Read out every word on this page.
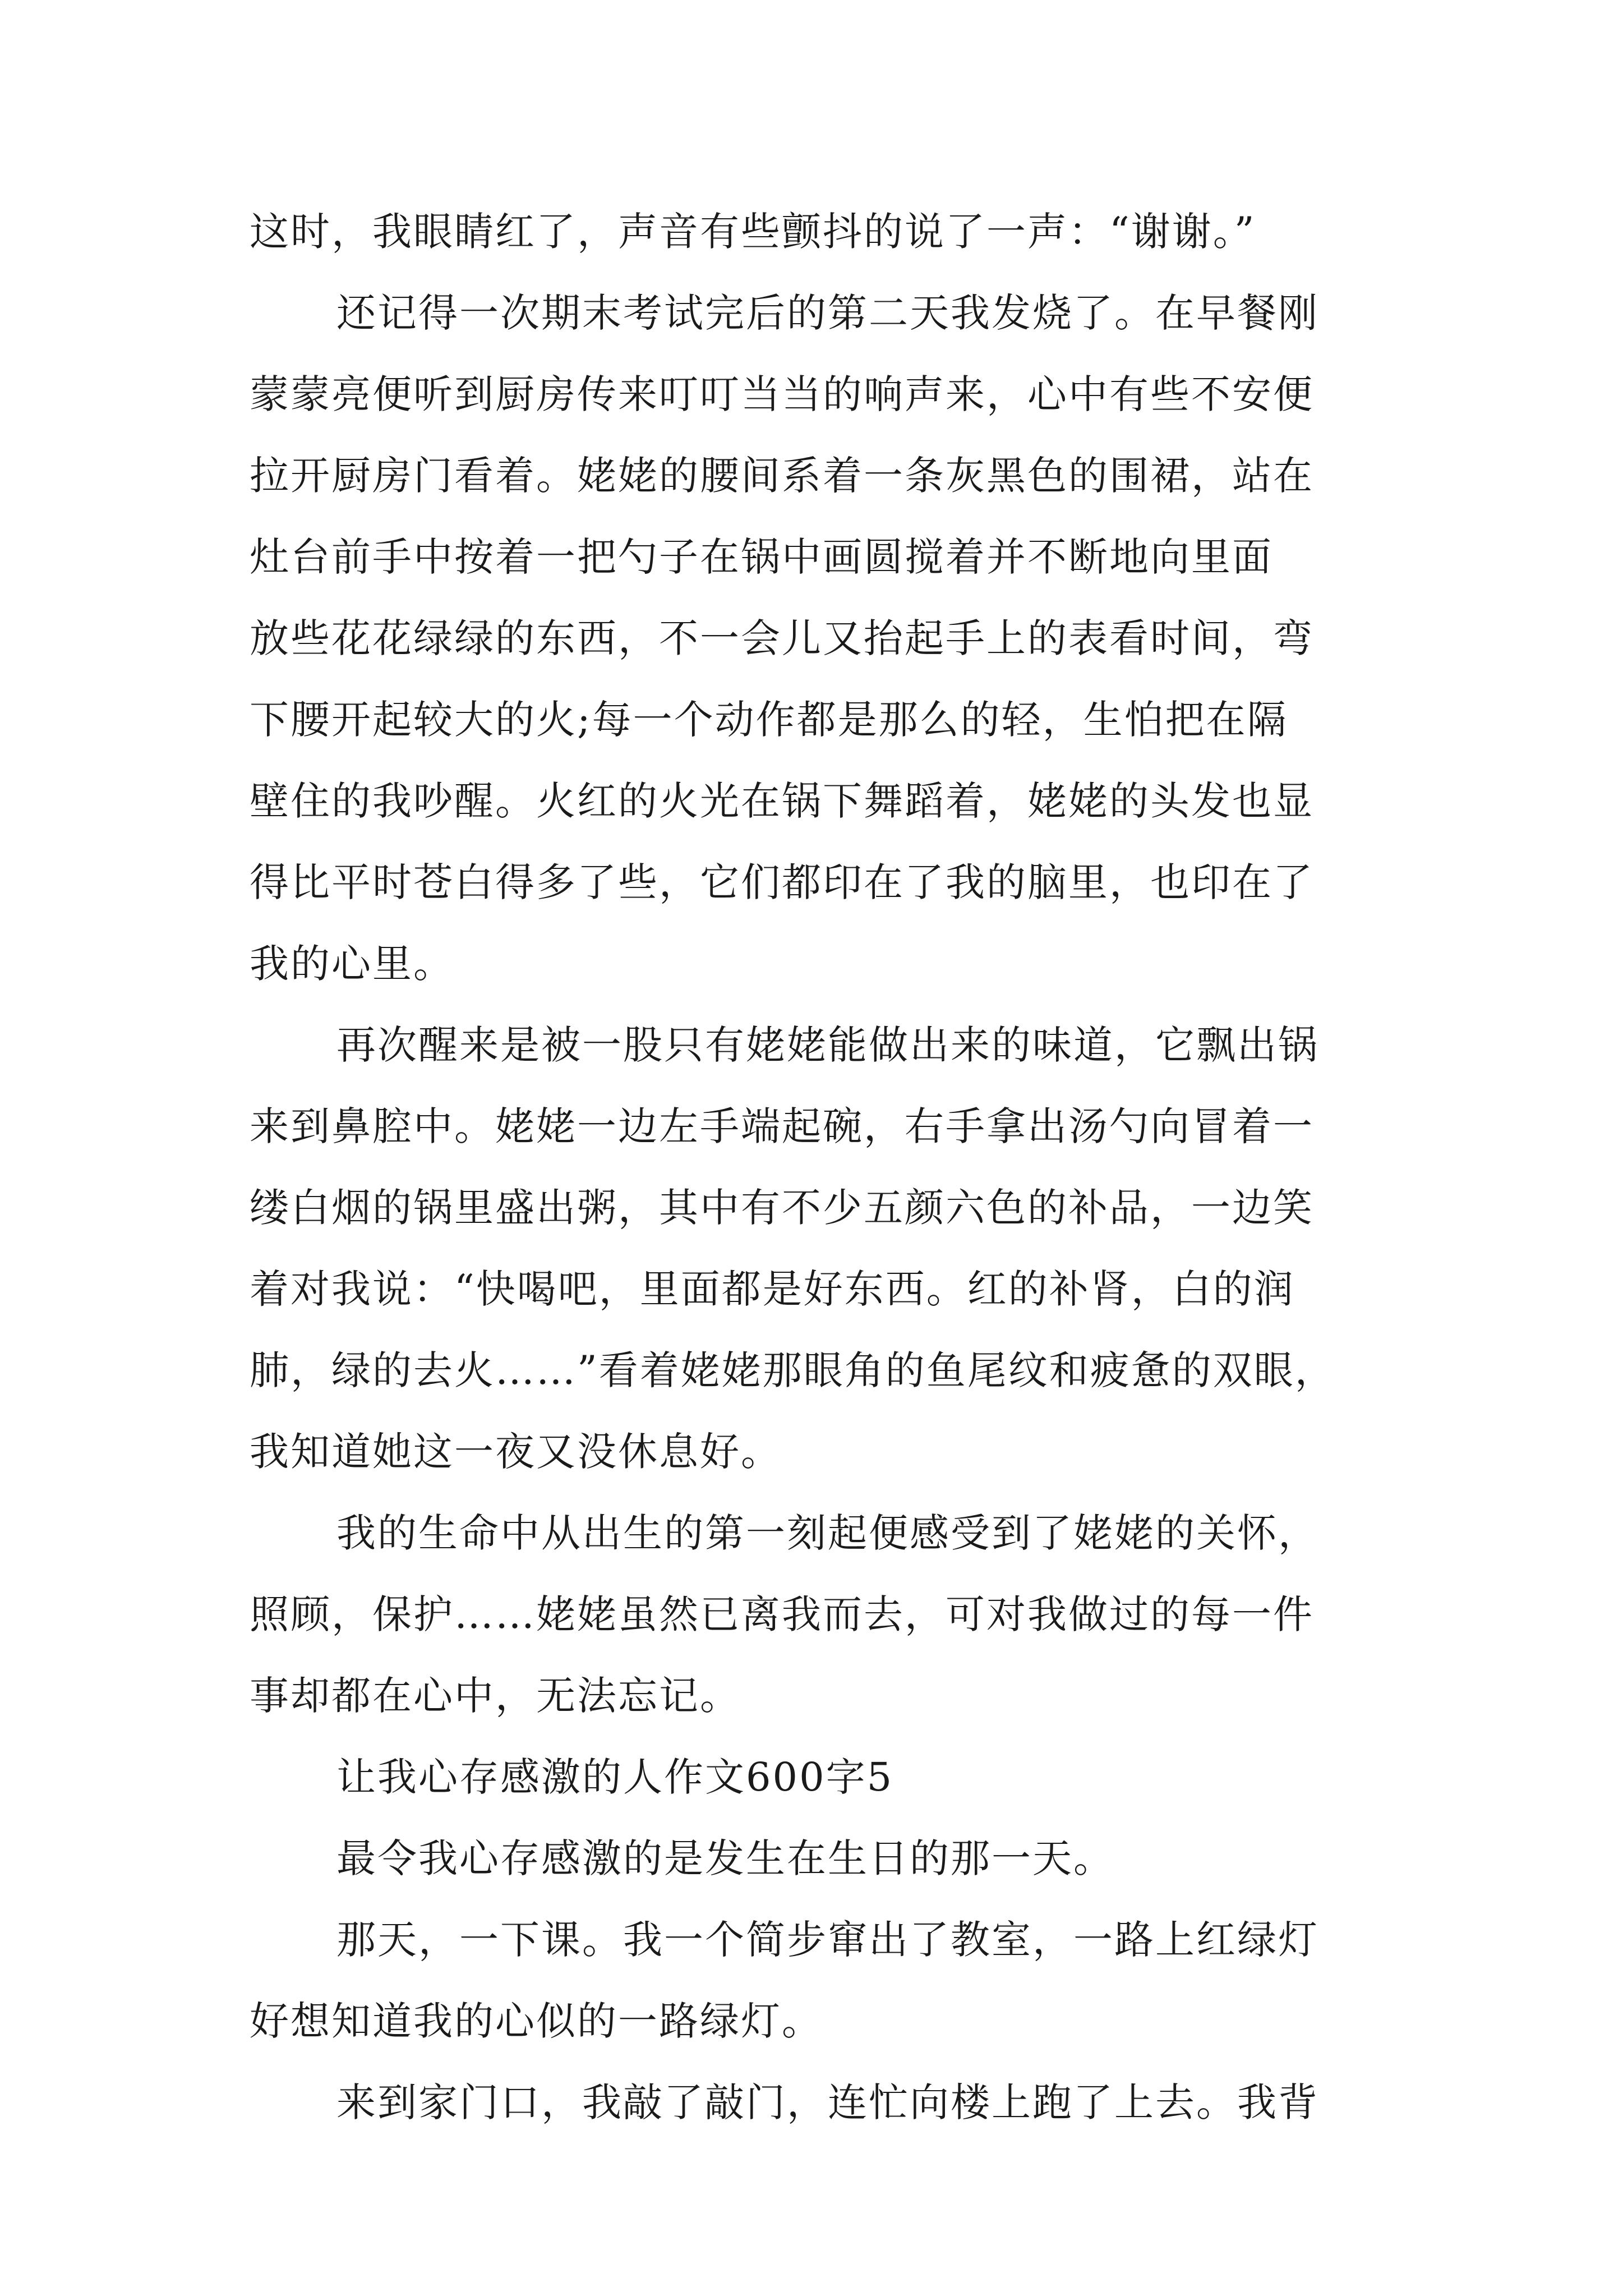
这时，我眼睛红了，声音有些颤抖的说了一声：“谢谢。”
还记得一次期末考试完后的第二天我发烧了。在早餐刚
蒙蒙亮便听到厨房传来叮叮当当的响声来，心中有些不安便
拉开厨房门看着。姥姥的腰间系着一条灰黑色的围裙，站在
灶台前手中按着一把勺子在锅中画圆搅着并不断地向里面
放些花花绿绿的东西，不一会儿又抬起手上的表看时间，弯
下腰开起较大的火;每一个动作都是那么的轻，生怕把在隔
壁住的我吵醒。火红的火光在锅下舞蹈着，姥姥的头发也显
得比平时苍白得多了些，它们都印在了我的脑里，也印在了
我的心里。
再次醒来是被一股只有姥姥能做出来的味道，它飘出锅
来到鼻腔中。姥姥一边左手端起碗，右手拿出汤勺向冒着一
缕白烟的锅里盛出粥，其中有不少五颜六色的补品，一边笑
着对我说：“快喝吧，里面都是好东西。红的补肾，白的润
肺，绿的去火……”看着姥姥那眼角的鱼尾纹和疲惫的双眼，
我知道她这一夜又没休息好。
我的生命中从出生的第一刻起便感受到了姥姥的关怀，
照顾，保护……姥姥虽然已离我而去，可对我做过的每一件
事却都在心中，无法忘记。
让我心存感激的人作文600字5
最令我心存感激的是发生在生日的那一天。
那天，一下课。我一个简步窜出了教室，一路上红绿灯
好想知道我的心似的一路绿灯。
来到家门口，我敲了敲门，连忙向楼上跑了上去。我背
